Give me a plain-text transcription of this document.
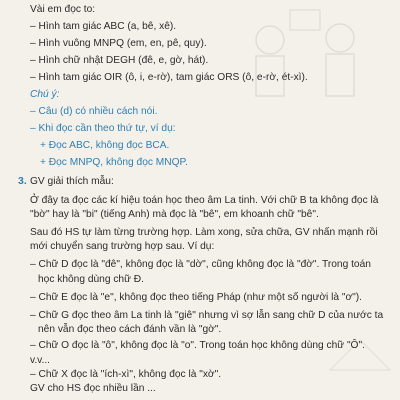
Vài em đọc to:
– Hình tam giác ABC (a, bê, xê).
– Hình vuông MNPQ (em, en, pê, quy).
– Hình chữ nhật DEGH (đê, e, gờ, hát).
– Hình tam giác OIR (ô, i, e-rờ), tam giác ORS (ô, e-rờ, ét-xì).
Chú ý:
– Câu (d) có nhiều cách nói.
– Khi đọc cần theo thứ tự, ví dụ:
+ Đọc ABC, không đọc BCA.
+ Đọc MNPQ, không đọc MNQP.
3. GV giải thích mẫu:
Ở đây ta đọc các kí hiệu toán học theo âm La tinh. Với chữ B ta không đọc là
"bờ" hay là "bi" (tiếng Anh) mà đọc là "bê", em khoanh chữ "bê".
Sau đó HS tự làm từng trường hợp. Làm xong, sửa chữa, GV nhấn mạnh rồi
mới chuyển sang trường hợp sau. Ví dụ:
– Chữ D đọc là "đê", không đọc là "dờ", cũng không đọc là "đờ". Trong toán
học không dùng chữ Đ.
– Chữ E đọc là "e", không đọc theo tiếng Pháp (như một số người là "ơ").
– Chữ G đọc theo âm La tinh là "giê" nhưng vì sợ lẫn sang chữ D của nước ta
nên vẫn đọc theo cách đánh vần là "gờ".
– Chữ O đọc là "ô", không đọc là "o". Trong toán học không dùng chữ "Ô".
v.v...
– Chữ X đọc là "ích-xì", không đọc là "xờ".
GV cho HS đọc nhiều lần ...
